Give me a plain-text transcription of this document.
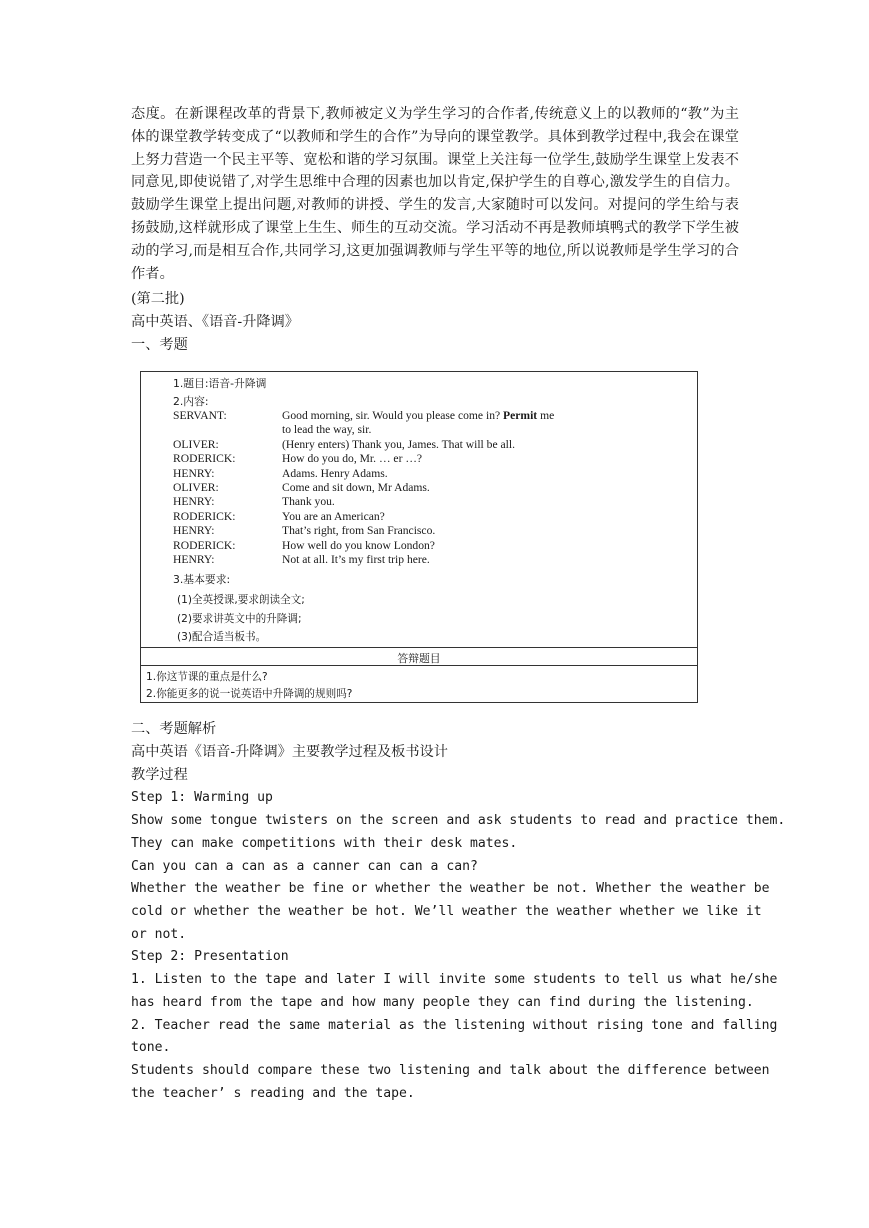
态度。在新课程改革的背景下,教师被定义为学生学习的合作者,传统意义上的以教师的“教”为主体的课堂教学转变成了“以教师和学生的合作”为导向的课堂教学。具体到教学过程中,我会在课堂上努力营造一个民主平等、宽松和谐的学习氛围。课堂上关注每一位学生,鼓励学生课堂上发表不同意见,即使说错了,对学生思维中合理的因素也加以肯定,保护学生的自尊心,激发学生的自信力。鼓励学生课堂上提出问题,对教师的讲授、学生的发言,大家随时可以发问。对提问的学生给与表扬鼓励,这样就形成了课堂上生生、师生的互动交流。学习活动不再是教师填鸭式的教学下学生被动的学习,而是相互合作,共同学习,这更加强调教师与学生平等的地位,所以说教师是学生学习的合作者。

(第二批)

高中英语、《语音-升降调》

一、考题

1.题目:语音-升降调
2.内容:
SERVANT:	Good morning, sir. Would you please come in? Permit me
to lead the way, sir.
OLIVER:	(Henry enters) Thank you, James. That will be all.
RODERICK:	How do you do, Mr. … er …?
HENRY:	Adams. Henry Adams.
OLIVER:	Come and sit down, Mr Adams.
HENRY:	Thank you.
RODERICK:	You are an American?
HENRY:	That’s right, from San Francisco.
RODERICK:	How well do you know London?
HENRY:	Not at all. It’s my first trip here.
3.基本要求:
(1)全英授课,要求朗读全文;
(2)要求讲英文中的升降调;
(3)配合适当板书。
答辩题目
1.你这节课的重点是什么?
2.你能更多的说一说英语中升降调的规则吗?

二、考题解析

高中英语《语音-升降调》主要教学过程及板书设计

教学过程

Step 1: Warming up

Show some tongue twisters on the screen and ask students to read and practice them.
They can make competitions with their desk mates.
Can you can a can as a canner can can a can?
Whether the weather be fine or whether the weather be not. Whether the weather be
cold or whether the weather be hot. We’ll weather the weather whether we like it
or not.

Step 2: Presentation

1. Listen to the tape and later I will invite some students to tell us what he/she
has heard from the tape and how many people they can find during the listening.
2. Teacher read the same material as the listening without rising tone and falling
tone.
Students should compare these two listening and talk about the difference between
the teacher’ s reading and the tape.
